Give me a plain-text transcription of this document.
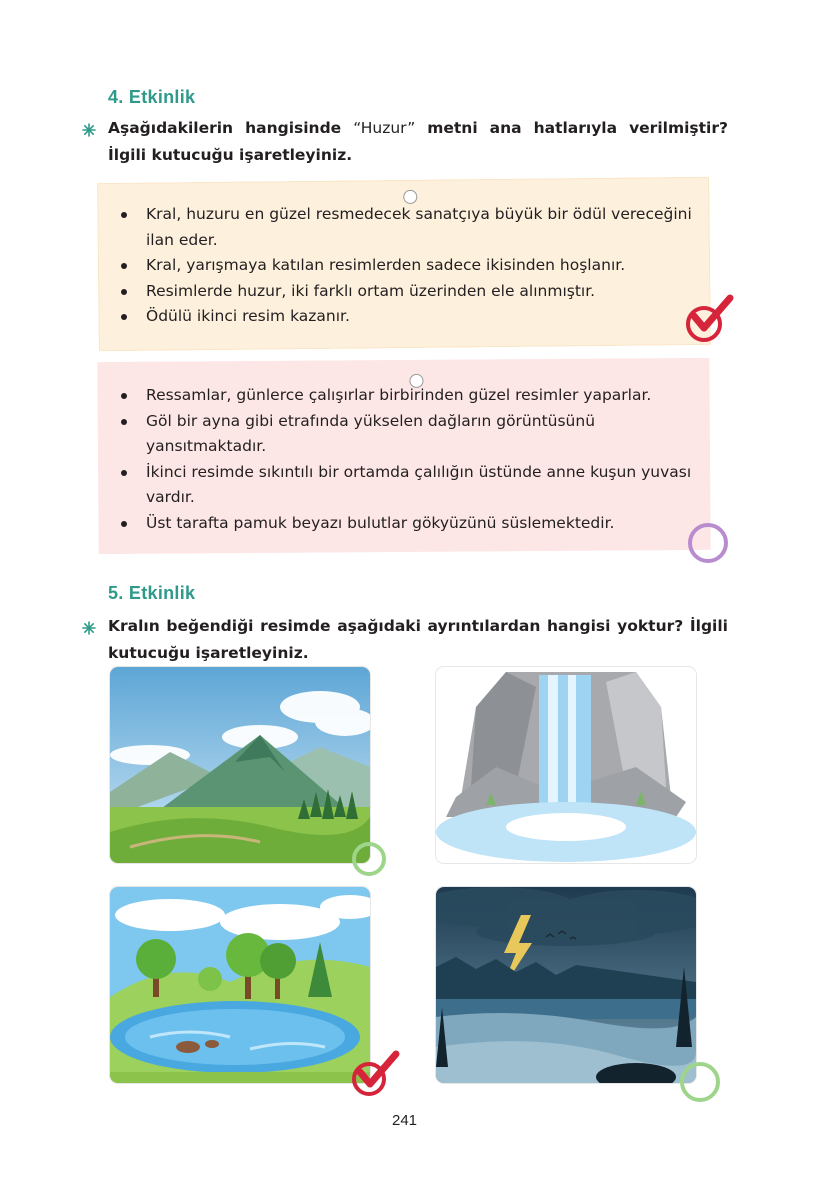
4. Etkinlik
Aşağıdakilerin hangisinde “Huzur” metni ana hatlarıyla verilmiştir? İlgili kutucuğu işaretleyiniz.
Kral, huzuru en güzel resmedecek sanatçıya büyük bir ödül vereceğini ilan eder.
Kral, yarışmaya katılan resimlerden sadece ikisinden hoşlanır.
Resimlerde huzur, iki farklı ortam üzerinden ele alınmıştır.
Ödülü ikinci resim kazanır.
Ressamlar, günlerce çalışırlar birbirinden güzel resimler yaparlar.
Göl bir ayna gibi etrafında yükselen dağların görüntüsünü yansıtmaktadır.
İkinci resimde sıkıntılı bir ortamda çalılığın üstünde anne kuşun yuvası vardır.
Üst tarafta pamuk beyazı bulutlar gökyüzünü süslemektedir.
5. Etkinlik
Kralın beğendiği resimde aşağıdaki ayrıntılardan hangisi yoktur? İlgili kutucuğu işaretleyiniz.
241
